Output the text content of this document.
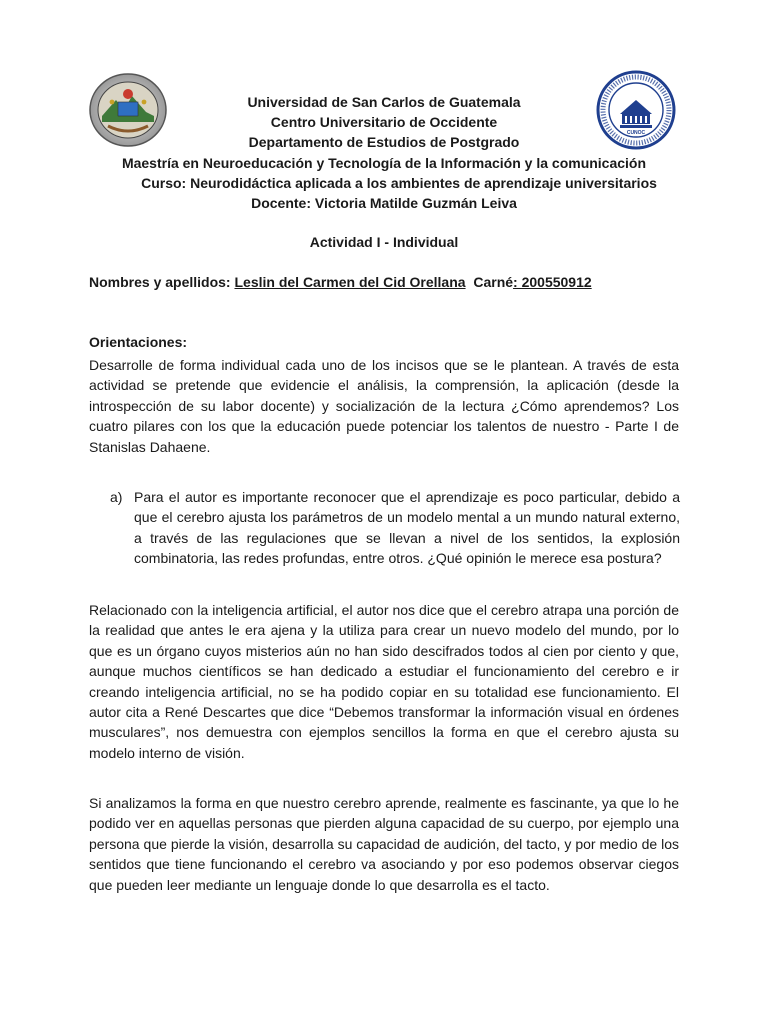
CUNOC
Universidad de San Carlos de Guatemala
Centro Universitario de Occidente
Departamento de Estudios de Postgrado
Maestría en Neuroeducación y Tecnología de la Información y la comunicación
Curso: Neurodidáctica aplicada a los ambientes de aprendizaje universitarios
Docente: Victoria Matilde Guzmán Leiva
Actividad I - Individual
Nombres y apellidos: Leslin del Carmen del Cid Orellana Carné: 200550912
Orientaciones:
Desarrolle de forma individual cada uno de los incisos que se le plantean. A través de esta actividad se pretende que evidencie el análisis, la comprensión, la aplicación (desde la introspección de su labor docente) y socialización de la lectura ¿Cómo aprendemos? Los cuatro pilares con los que la educación puede potenciar los talentos de nuestro - Parte I de Stanislas Dahaene.
a) Para el autor es importante reconocer que el aprendizaje es poco particular, debido a que el cerebro ajusta los parámetros de un modelo mental a un mundo natural externo, a través de las regulaciones que se llevan a nivel de los sentidos, la explosión combinatoria, las redes profundas, entre otros. ¿Qué opinión le merece esa postura?
Relacionado con la inteligencia artificial, el autor nos dice que el cerebro atrapa una porción de la realidad que antes le era ajena y la utiliza para crear un nuevo modelo del mundo, por lo que es un órgano cuyos misterios aún no han sido descifrados todos al cien por ciento y que, aunque muchos científicos se han dedicado a estudiar el funcionamiento del cerebro e ir creando inteligencia artificial, no se ha podido copiar en su totalidad ese funcionamiento. El autor cita a René Descartes que dice “Debemos transformar la información visual en órdenes musculares”, nos demuestra con ejemplos sencillos la forma en que el cerebro ajusta su modelo interno de visión.
Si analizamos la forma en que nuestro cerebro aprende, realmente es fascinante, ya que lo he podido ver en aquellas personas que pierden alguna capacidad de su cuerpo, por ejemplo una persona que pierde la visión, desarrolla su capacidad de audición, del tacto, y por medio de los sentidos que tiene funcionando el cerebro va asociando y por eso podemos observar ciegos que pueden leer mediante un lenguaje donde lo que desarrolla es el tacto.
